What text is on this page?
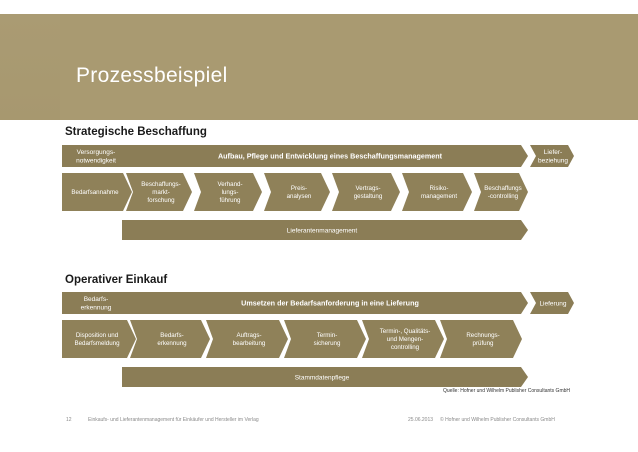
Prozessbeispiel
Strategische Beschaffung
Operativer Einkauf
Versorgungs-notwendigkeit
Aufbau, Pflege und Entwicklung eines Beschaffungsmanagement	Liefer-beziehung
Bedarfsannahme
Beschaffungs-markt-forschung
Verhand-lungs-führung
Preis-analysen
Vertrags-gestaltung
Risiko-management
Beschaffungs -controlling
Lieferantenmanagement
Bedarfs-erkennung
Umsetzen der Bedarfsanforderung in eine Lieferung	Lieferung
Disposition und Bedarfsmeldung
Bedarfs-erkennung
Auftrags-bearbeitung
Termin-sicherung
Termin-, Qualitäts-und Mengen-controlling
Rechnungs-prüfung
Stammdatenpflege
Quelle: Hofner und Wilhelm Publisher Consultants GmbH
12	Einkaufs- und Lieferantenmanagement für Einkäufer und Hersteller im Verlag	25.06.2013 © Hofner und Wilhelm Publisher Consultants GmbH
